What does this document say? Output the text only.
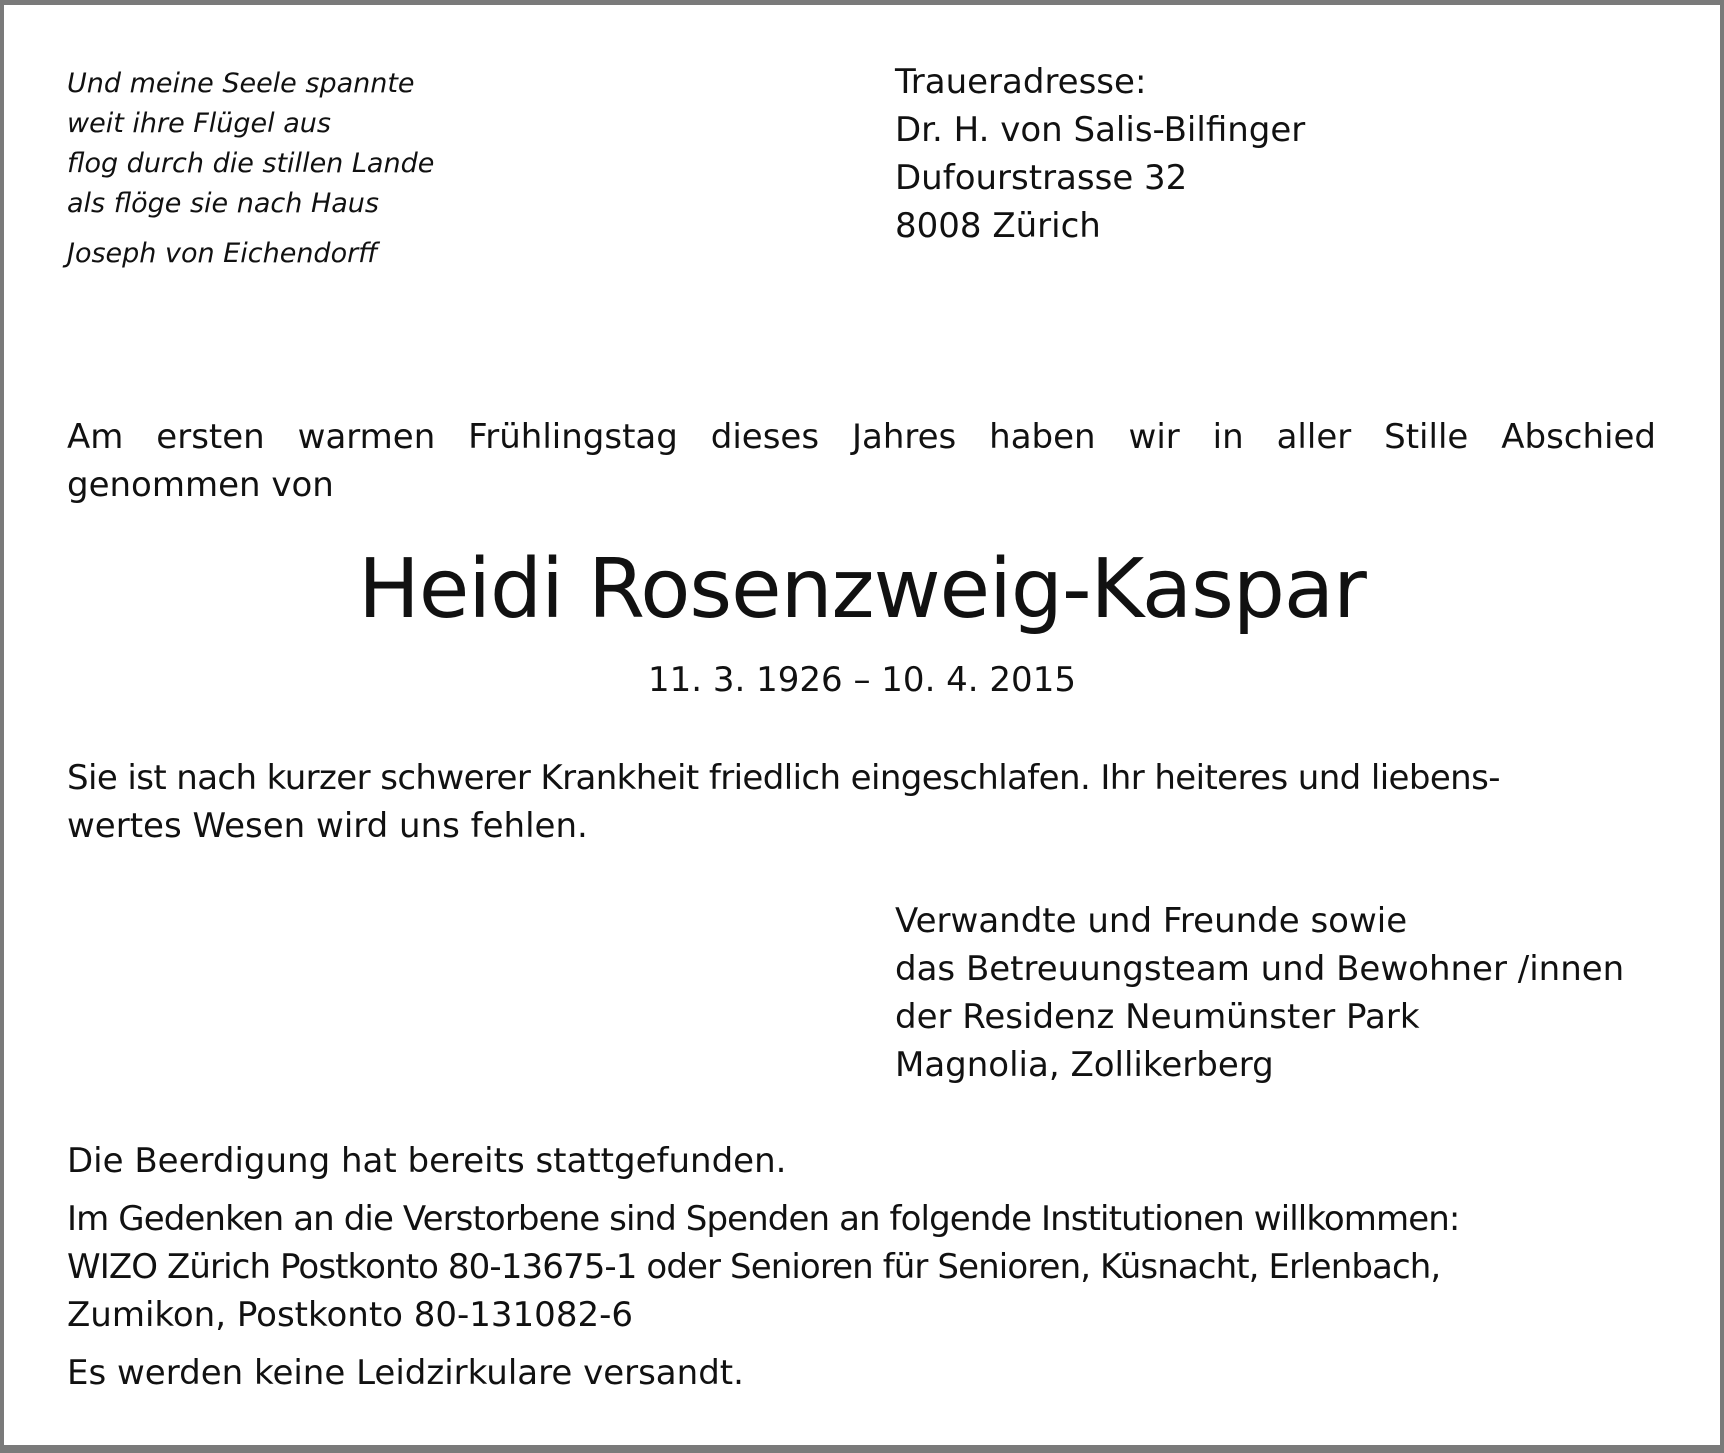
Und meine Seele spannte
weit ihre Flügel aus
flog durch die stillen Lande
als flöge sie nach Haus
Joseph von Eichendorff
Traueradresse:
Dr. H. von Salis-Bilfinger
Dufourstrasse 32
8008 Zürich
Am ersten warmen Frühlingstag dieses Jahres haben wir in aller Stille Abschied
genommen von
Heidi Rosenzweig-Kaspar
11. 3. 1926 – 10. 4. 2015
Sie ist nach kurzer schwerer Krankheit friedlich eingeschlafen. Ihr heiteres und liebens-
wertes Wesen wird uns fehlen.
Verwandte und Freunde sowie
das Betreuungsteam und Bewohner /innen
der Residenz Neumünster Park
Magnolia, Zollikerberg
Die Beerdigung hat bereits stattgefunden.
Im Gedenken an die Verstorbene sind Spenden an folgende Institutionen willkommen:
WIZO Zürich Postkonto 80-13675-1 oder Senioren für Senioren, Küsnacht, Erlenbach,
Zumikon, Postkonto 80-131082-6
Es werden keine Leidzirkulare versandt.
